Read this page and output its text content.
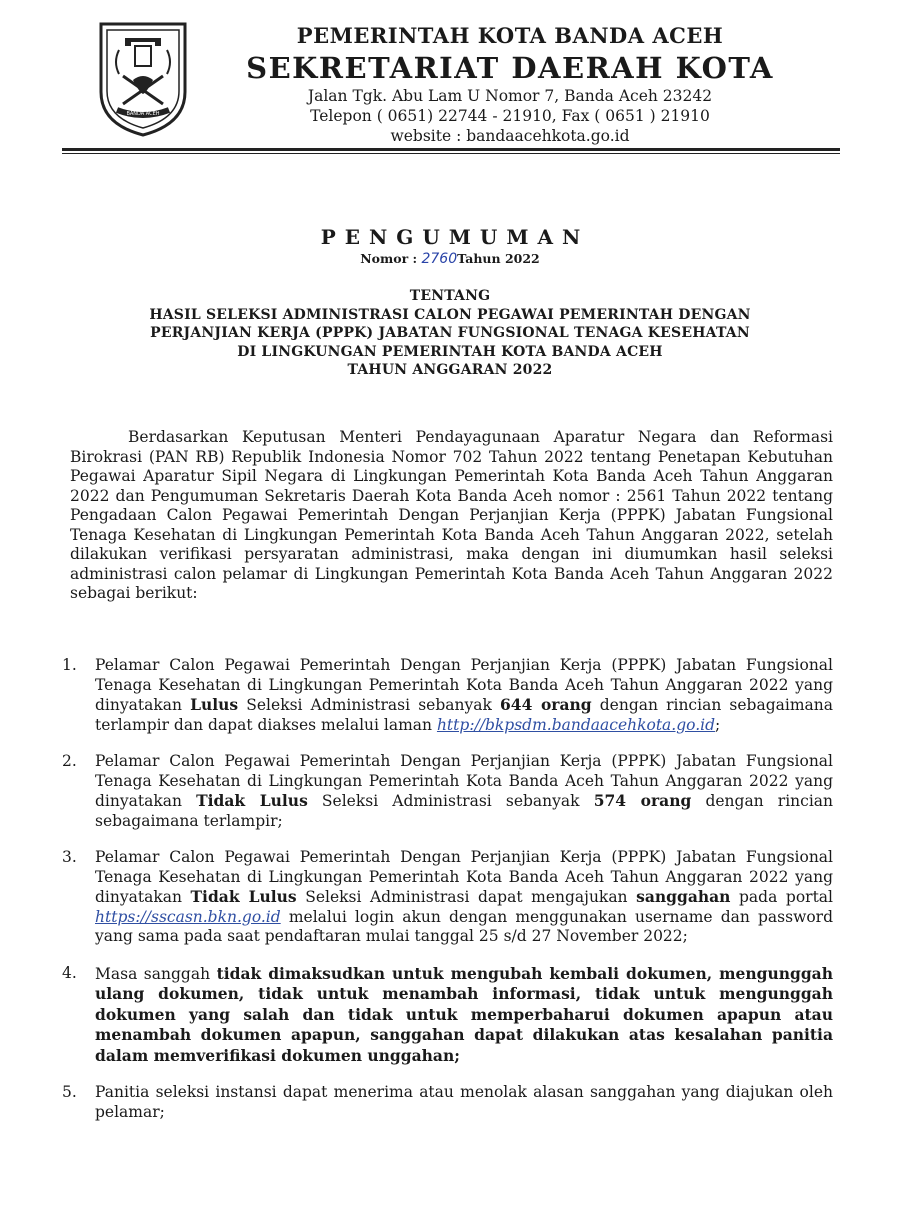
BANDA ACEH
PEMERINTAH KOTA BANDA ACEH
SEKRETARIAT DAERAH KOTA
Jalan Tgk. Abu Lam U Nomor 7, Banda Aceh 23242
Telepon ( 0651) 22744 - 21910, Fax ( 0651 ) 21910
website : bandaacehkota.go.id
PENGUMUMAN
Nomor : 2760Tahun 2022
TENTANG
HASIL SELEKSI ADMINISTRASI CALON PEGAWAI PEMERINTAH DENGAN
PERJANJIAN KERJA (PPPK) JABATAN FUNGSIONAL TENAGA KESEHATAN
DI LINGKUNGAN PEMERINTAH KOTA BANDA ACEH
TAHUN ANGGARAN 2022
Berdasarkan Keputusan Menteri Pendayagunaan Aparatur Negara dan Reformasi Birokrasi (PAN RB) Republik Indonesia Nomor 702 Tahun 2022 tentang Penetapan Kebutuhan Pegawai Aparatur Sipil Negara di Lingkungan Pemerintah Kota Banda Aceh Tahun Anggaran 2022 dan Pengumuman Sekretaris Daerah Kota Banda Aceh nomor : 2561 Tahun 2022 tentang Pengadaan Calon Pegawai Pemerintah Dengan Perjanjian Kerja (PPPK) Jabatan Fungsional Tenaga Kesehatan di Lingkungan Pemerintah Kota Banda Aceh Tahun Anggaran 2022, setelah dilakukan verifikasi persyaratan administrasi, maka dengan ini diumumkan hasil seleksi administrasi calon pelamar di Lingkungan Pemerintah Kota Banda Aceh Tahun Anggaran 2022 sebagai berikut:
1.	Pelamar Calon Pegawai Pemerintah Dengan Perjanjian Kerja (PPPK) Jabatan Fungsional Tenaga Kesehatan di Lingkungan Pemerintah Kota Banda Aceh Tahun Anggaran 2022 yang dinyatakan Lulus Seleksi Administrasi sebanyak 644 orang dengan rincian sebagaimana terlampir dan dapat diakses melalui laman http://bkpsdm.bandaacehkota.go.id;
2.	Pelamar Calon Pegawai Pemerintah Dengan Perjanjian Kerja (PPPK) Jabatan Fungsional Tenaga Kesehatan di Lingkungan Pemerintah Kota Banda Aceh Tahun Anggaran 2022 yang dinyatakan Tidak Lulus Seleksi Administrasi sebanyak 574 orang dengan rincian sebagaimana terlampir;
3.	Pelamar Calon Pegawai Pemerintah Dengan Perjanjian Kerja (PPPK) Jabatan Fungsional Tenaga Kesehatan di Lingkungan Pemerintah Kota Banda Aceh Tahun Anggaran 2022 yang dinyatakan Tidak Lulus Seleksi Administrasi dapat mengajukan sanggahan pada portal https://sscasn.bkn.go.id melalui login akun dengan menggunakan username dan password yang sama pada saat pendaftaran mulai tanggal 25 s/d 27 November 2022;
4.	Masa sanggah tidak dimaksudkan untuk mengubah kembali dokumen, mengunggah ulang dokumen, tidak untuk menambah informasi, tidak untuk mengunggah dokumen yang salah dan tidak untuk memperbaharui dokumen apapun atau menambah dokumen apapun, sanggahan dapat dilakukan atas kesalahan panitia dalam memverifikasi dokumen unggahan;
5.	Panitia seleksi instansi dapat menerima atau menolak alasan sanggahan yang diajukan oleh pelamar;
